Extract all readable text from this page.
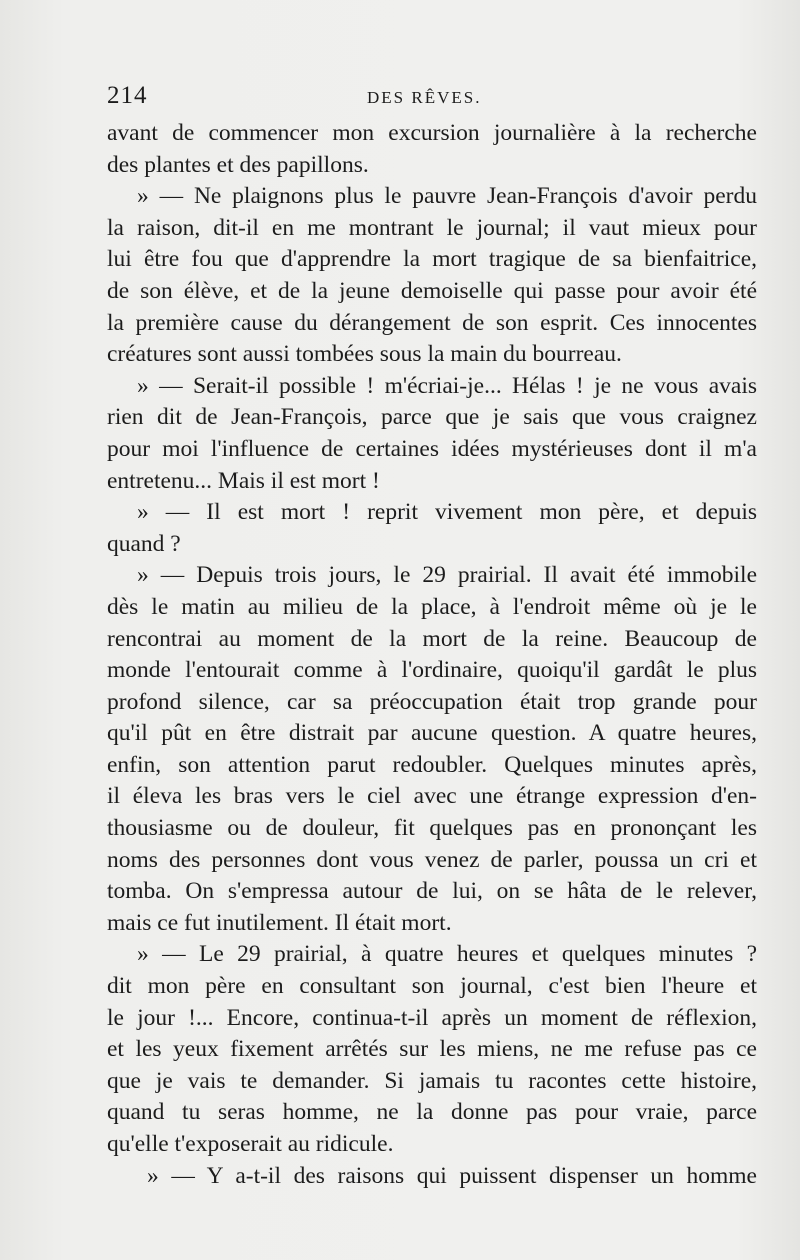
214	DES RÊVES.
avant de commencer mon excursion journalière à la recherche
des plantes et des papillons.
» — Ne plaignons plus le pauvre Jean-François d'avoir perdu
la raison, dit-il en me montrant le journal; il vaut mieux pour
lui être fou que d'apprendre la mort tragique de sa bienfaitrice,
de son élève, et de la jeune demoiselle qui passe pour avoir été
la première cause du dérangement de son esprit. Ces innocentes
créatures sont aussi tombées sous la main du bourreau.
» — Serait-il possible ! m'écriai-je... Hélas ! je ne vous avais
rien dit de Jean-François, parce que je sais que vous craignez
pour moi l'influence de certaines idées mystérieuses dont il m'a
entretenu... Mais il est mort !
» — Il est mort ! reprit vivement mon père, et depuis
quand ?
» — Depuis trois jours, le 29 prairial. Il avait été immobile
dès le matin au milieu de la place, à l'endroit même où je le
rencontrai au moment de la mort de la reine. Beaucoup de
monde l'entourait comme à l'ordinaire, quoiqu'il gardât le plus
profond silence, car sa préoccupation était trop grande pour
qu'il pût en être distrait par aucune question. A quatre heures,
enfin, son attention parut redoubler. Quelques minutes après,
il éleva les bras vers le ciel avec une étrange expression d'en-
thousiasme ou de douleur, fit quelques pas en prononçant les
noms des personnes dont vous venez de parler, poussa un cri et
tomba. On s'empressa autour de lui, on se hâta de le relever,
mais ce fut inutilement. Il était mort.
» — Le 29 prairial, à quatre heures et quelques minutes ?
dit mon père en consultant son journal, c'est bien l'heure et
le jour !... Encore, continua-t-il après un moment de réflexion,
et les yeux fixement arrêtés sur les miens, ne me refuse pas ce
que je vais te demander. Si jamais tu racontes cette histoire,
quand tu seras homme, ne la donne pas pour vraie, parce
qu'elle t'exposerait au ridicule.
» — Y a-t-il des raisons qui puissent dispenser un homme
